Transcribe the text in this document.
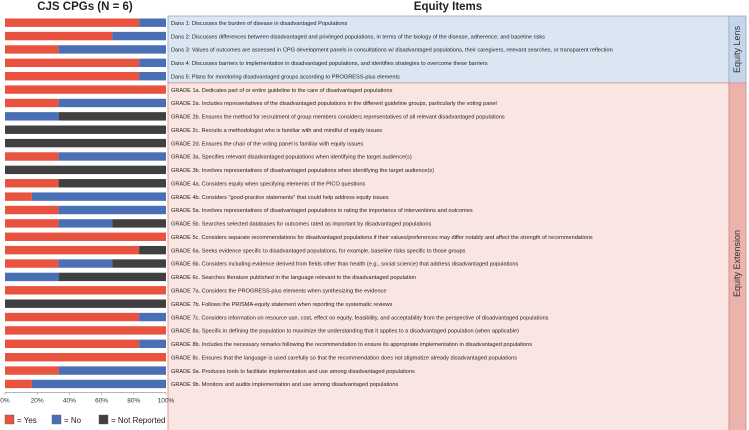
CJS CPGs (N = 6)	Equity Items
Equity Lens
Equity Extension
Dans 1: Discusses the burden of disease in disadvantaged Populations
Dans 2: Discusses differences between disadvantaged and privileged populations, in terms of the biology of the disease, adherence, and baseline risks
Dans 3: Values of outcomes are assessed in CPG development panels in consultations w/ disadvantaged populations, their caregivers, relevant searches, or transparent reflection
Dans 4: Discusses barriers to implementation in disadvantaged populations, and identifies strategies to overcome these barriers
Dans 5: Plans for monitoring disadvantaged groups according to PROGRESS-plus elements
GRADE 1a. Dedicates part of or entire guideline to the care of disadvantaged populations
GRADE 2a. Includes representatives of the disadvantaged populations in the different guideline groups, particularly the voting panel
GRADE 2b. Ensures the method for recruitment of group members considers representatives of all relevant disadvantaged populations
GRADE 2c. Recruits a methodologist who is familiar with and mindful of equity issues
GRADE 2d. Ensures the chair of the voting panel is familiar with equity issues
GRADE 3a. Specifies relevant disadvantaged populations when identifying the target audience(s)
GRADE 3b. Involves representatives of disadvantaged populations when identifying the target audience(s)
GRADE 4a. Considers equity when specifying elements of the PICO questions
GRADE 4b. Considers "good-practice statements" that could help address equity issues
GRADE 5a. Involves representatives of disadvantaged populations in rating the importance of interventions and outcomes
GRADE 5b. Searches selected databases for outcomes rated as important by disadvantaged populations
GRADE 5c. Considers separate recommendations for disadvantaged populations if their values/preferences may differ notably and affect the strength of recommendations
GRADE 6a. Seeks evidence specific to disadvantaged populations, for example, baseline risks specific to those groups
GRADE 6b. Considers including evidence derived from fields other than health (e.g., social science) that address disadvantaged populations
GRADE 6c. Searches literature published in the language relevant to the disadvantaged population
GRADE 7a. Considers the PROGRESS-plus elements when synthesizing the evidence
GRADE 7b. Follows the PRISMA-equity statement when reporting the systematic reviews
GRADE 7c. Considers information on resource use, cost, effect on equity, feasibility, and acceptability from the perspective of disadvantaged populations
GRADE 8a. Specific in defining the population to maximize the understanding that it applies to a disadvantaged population (when applicable)
GRADE 8b. Includes the necessary remarks following the recommendation to ensure its appropriate implementation in disadvantaged populations
GRADE 8c. Ensures that the language is used carefully so that the recommendation does not stigmatize already disadvantaged populations
GRADE 9a. Produces tools to facilitate implementation and use among disadvantaged populations
GRADE 9b. Monitors and audits implementation and use among disadvantaged populations
0%	20%	40%	60%	80%	100%
= Yes	= No	= Not Reported
